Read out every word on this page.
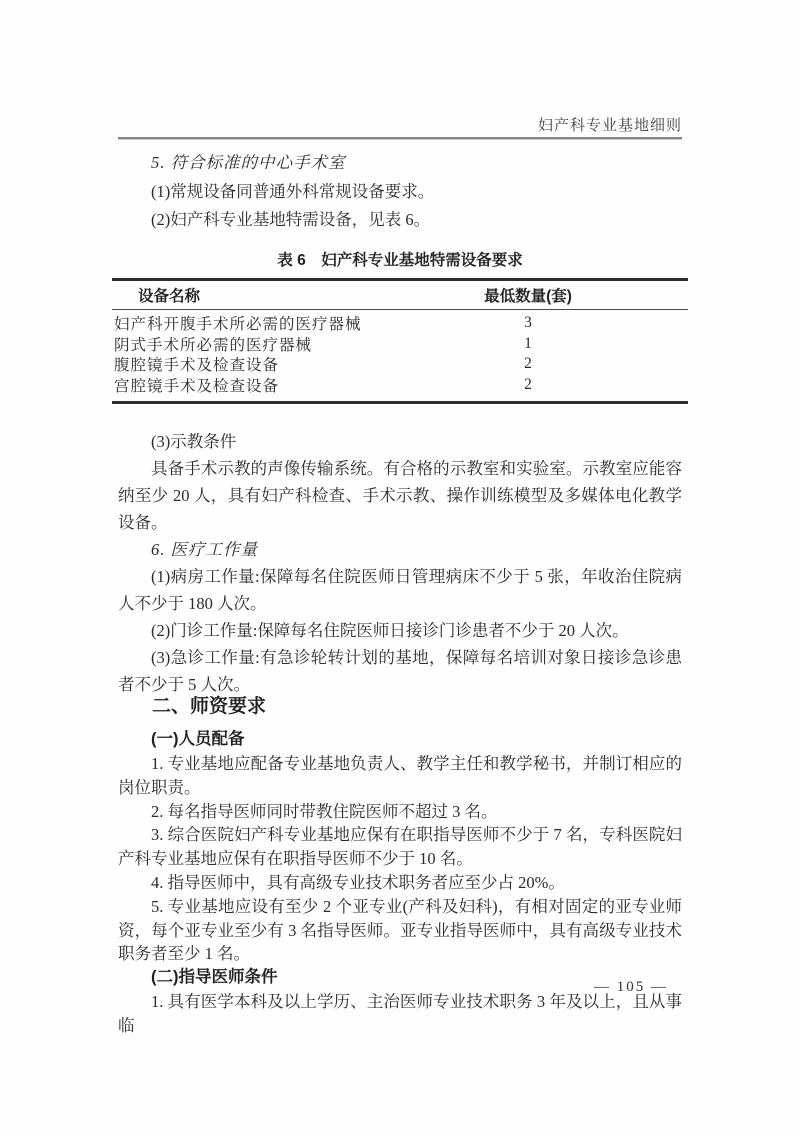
妇产科专业基地细则

5. 符合标准的中心手术室

(1)常规设备同普通外科常规设备要求。

(2)妇产科专业基地特需设备，见表 6。

表 6　妇产科专业基地特需设备要求
设备名称	最低数量(套)
妇产科开腹手术所必需的医疗器械	3
阴式手术所必需的医疗器械	1
腹腔镜手术及检查设备	2
宫腔镜手术及检查设备	2

(3)示教条件

具备手术示教的声像传输系统。有合格的示教室和实验室。示教室应能容纳至少 20 人，具有妇产科检查、手术示教、操作训练模型及多媒体电化教学设备。

6. 医疗工作量

(1)病房工作量:保障每名住院医师日管理病床不少于 5 张，年收治住院病人不少于 180 人次。

(2)门诊工作量:保障每名住院医师日接诊门诊患者不少于 20 人次。

(3)急诊工作量:有急诊轮转计划的基地，保障每名培训对象日接诊急诊患者不少于 5 人次。

二、师资要求

(一)人员配备

1. 专业基地应配备专业基地负责人、教学主任和教学秘书，并制订相应的岗位职责。

2. 每名指导医师同时带教住院医师不超过 3 名。

3. 综合医院妇产科专业基地应保有在职指导医师不少于 7 名，专科医院妇产科专业基地应保有在职指导医师不少于 10 名。

4. 指导医师中，具有高级专业技术职务者应至少占 20%。

5. 专业基地应设有至少 2 个亚专业(产科及妇科)，有相对固定的亚专业师资，每个亚专业至少有 3 名指导医师。亚专业指导医师中，具有高级专业技术职务者至少 1 名。

(二)指导医师条件

1. 具有医学本科及以上学历、主治医师专业技术职务 3 年及以上，且从事临

— 105 —
